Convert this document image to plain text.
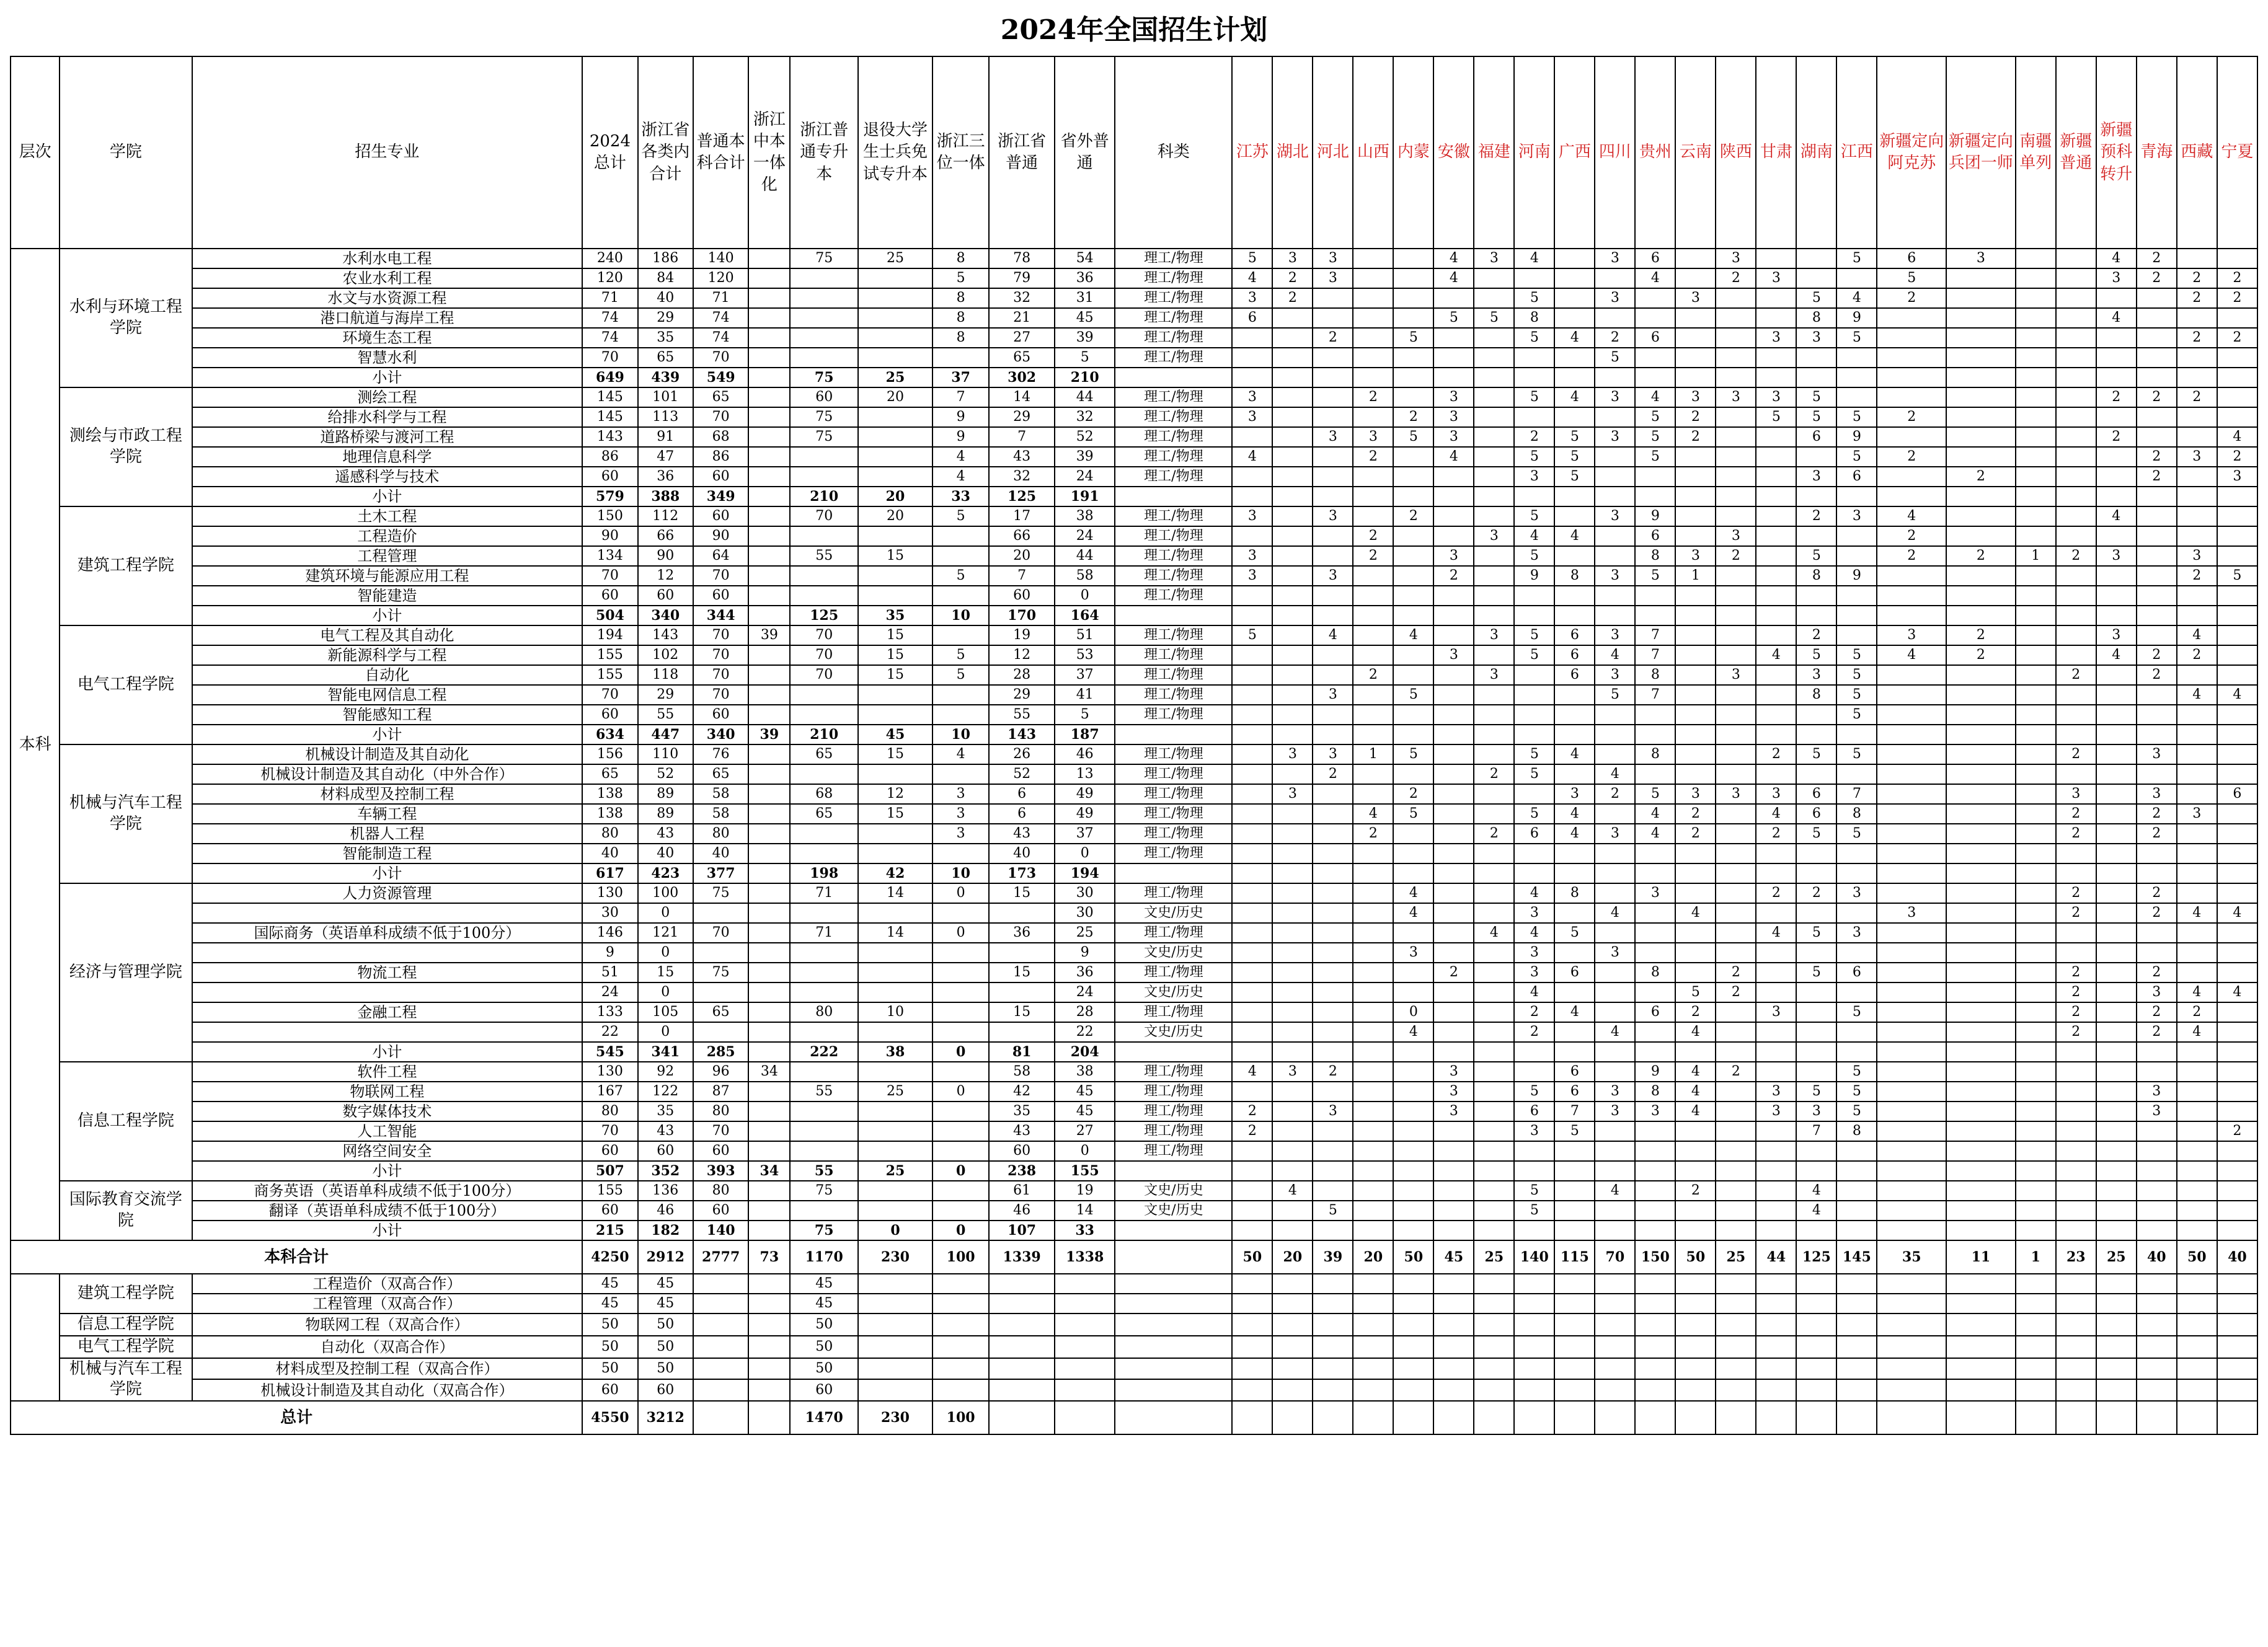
2024年全国招生计划
层次	学院	招生专业	2024总计	浙江省各类内合计	普通本科合计	浙江中本一体化	浙江普通专升本	退役大学生士兵免试专升本	浙江三位一体	浙江省普通	省外普通	科类	江苏	湖北	河北	山西	内蒙	安徽	福建	河南	广西	四川	贵州	云南	陕西	甘肃	湖南	江西	新疆定向阿克苏	新疆定向兵团一师	南疆单列	新疆普通	新疆预科转升	青海	西藏	宁夏
本科	水利与环境工程学院	水利水电工程	240	186	140		75	25	8	78	54	理工/物理	5	3	3			4	3	4		3	6		3			5	6	3			4	2		
		农业水利工程	120	84	120				5	79	36	理工/物理	4	2	3			4					4		2	3			5				3	2	2	2
		水文与水资源工程	71	40	71				8	32	31	理工/物理	3	2						5		3		3			5	4	2						2	2
		港口航道与海岸工程	74	29	74				8	21	45	理工/物理	6					5	5	8							8	9					4			
		环境生态工程	74	35	74				8	27	39	理工/物理			2		5			5	4	2	6			3	3	5							2	2
		智慧水利	70	65	70					65	5	理工/物理										5														
		小计	649	439	549		75	25	37	302	210																									
	测绘与市政工程学院	测绘工程	145	101	65		60	20	7	14	44	理工/物理	3			2		3		5	4	3	4	3	3	3	5						2	2	2	
		给排水科学与工程	145	113	70		75		9	29	32	理工/物理	3				2	3					5	2		5	5	5	2							
		道路桥梁与渡河工程	143	91	68		75		9	7	52	理工/物理			3	3	5	3		2	5	3	5	2			6	9					2			4
		地理信息科学	86	47	86				4	43	39	理工/物理	4			2		4		5	5		5					5	2					2	3	2
		遥感科学与技术	60	36	60				4	32	24	理工/物理								3	5						3	6		2				2		3
		小计	579	388	349		210	20	33	125	191																									
	建筑工程学院	土木工程	150	112	60		70	20	5	17	38	理工/物理	3		3		2			5		3	9				2	3	4				4			
		工程造价	90	66	90					66	24	理工/物理				2			3	4	4		6		3				2							
		工程管理	134	90	64		55	15		20	44	理工/物理	3			2		3		5			8	3	2		5		2	2	1	2	3		3	
		建筑环境与能源应用工程	70	12	70				5	7	58	理工/物理	3		3			2		9	8	3	5	1			8	9							2	5
		智能建造	60	60	60					60	0	理工/物理																								
		小计	504	340	344		125	35	10	170	164																									
	电气工程学院	电气工程及其自动化	194	143	70	39	70	15		19	51	理工/物理	5		4		4		3	5	6	3	7				2		3	2			3		4	
		新能源科学与工程	155	102	70		70	15	5	12	53	理工/物理						3		5	6	4	7			4	5	5	4	2			4	2	2	
		自动化	155	118	70		70	15	5	28	37	理工/物理				2			3		6	3	8		3		3	5				2		2		
		智能电网信息工程	70	29	70					29	41	理工/物理			3		5					5	7				8	5							4	4
		智能感知工程	60	55	60					55	5	理工/物理																5								
		小计	634	447	340	39	210	45	10	143	187																									
	机械与汽车工程学院	机械设计制造及其自动化	156	110	76		65	15	4	26	46	理工/物理		3	3	1	5			5	4		8			2	5	5				2		3		
		机械设计制造及其自动化（中外合作）	65	52	65					52	13	理工/物理			2				2	5		4														
		材料成型及控制工程	138	89	58		68	12	3	6	49	理工/物理		3			2				3	2	5	3	3	3	6	7				3		3		6
		车辆工程	138	89	58		65	15	3	6	49	理工/物理				4	5			5	4		4	2		4	6	8				2		2	3	
		机器人工程	80	43	80				3	43	37	理工/物理				2			2	6	4	3	4	2		2	5	5				2		2		
		智能制造工程	40	40	40					40	0	理工/物理																								
		小计	617	423	377		198	42	10	173	194																									
	经济与管理学院	人力资源管理	130	100	75		71	14	0	15	30	理工/物理					4			4	8		3			2	2	3				2		2		
			30	0							30	文史/历史					4			3		4		4					3			2		2	4	4
		国际商务（英语单科成绩不低于100分）	146	121	70		71	14	0	36	25	理工/物理							4	4	5					4	5	3								
			9	0							9	文史/历史					3			3		3														
		物流工程	51	15	75					15	36	理工/物理						2		3	6		8		2		5	6				2		2		
			24	0							24	文史/历史								4				5	2							2		3	4	4
		金融工程	133	105	65		80	10		15	28	理工/物理					0			2	4		6	2		3		5				2		2	2	
			22	0							22	文史/历史					4			2		4		4								2		2	4	
		小计	545	341	285		222	38	0	81	204																									
	信息工程学院	软件工程	130	92	96	34				58	38	理工/物理	4	3	2			3			6		9	4	2			5								
		物联网工程	167	122	87		55	25	0	42	45	理工/物理						3		5	6	3	8	4		3	5	5						3		
		数字媒体技术	80	35	80					35	45	理工/物理	2		3			3		6	7	3	3	4		3	3	5						3		
		人工智能	70	43	70					43	27	理工/物理	2							3	5						7	8								2
		网络空间安全	60	60	60					60	0	理工/物理																								
		小计	507	352	393	34	55	25	0	238	155																									
	国际教育交流学院	商务英语（英语单科成绩不低于100分）	155	136	80		75			61	19	文史/历史		4						5		4		2			4									
		翻译（英语单科成绩不低于100分）	60	46	60					46	14	文史/历史			5					5							4									
		小计	215	182	140		75	0	0	107	33																									
本科合计			4250	2912	2777	73	1170	230	100	1339	1338		50	20	39	20	50	45	25	140	115	70	150	50	25	44	125	145	35	11	1	23	25	40	50	40
	建筑工程学院	工程造价（双高合作）	45	45			45																													
		工程管理（双高合作）	45	45			45																													
	信息工程学院	物联网工程（双高合作）	50	50			50																													
	电气工程学院	自动化（双高合作）	50	50			50																													
	机械与汽车工程学院	材料成型及控制工程（双高合作）	50	50			50																													
		机械设计制造及其自动化（双高合作）	60	60			60																													
总计			4550	3212			1470	230	100																											
